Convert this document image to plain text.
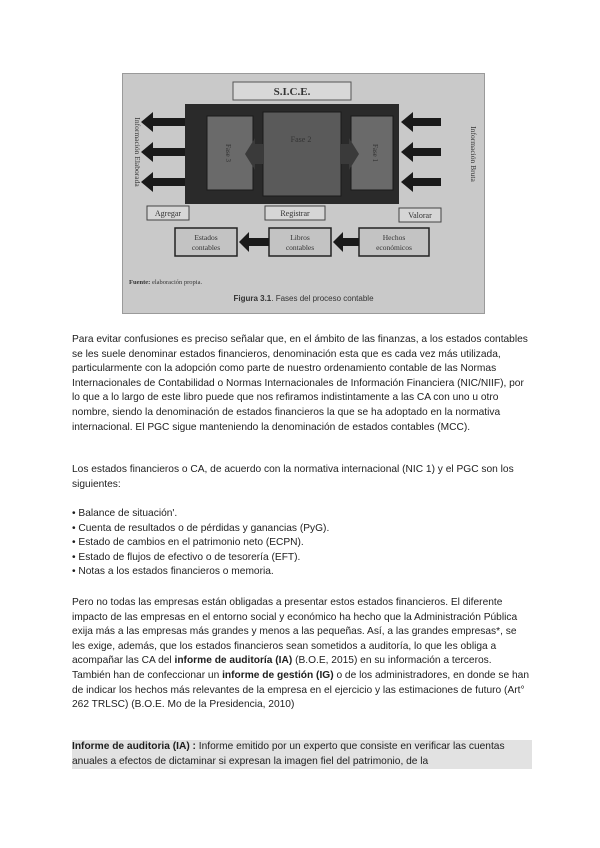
S.I.C.E.
Fase 2
Fase 3	Fase 1
Información Elaborada	Información Bruta
Agregar	Registrar	Valorar
Estados
contables
Libros
contables
Hechos
económicos
Fuente: elaboración propia.
Figura 3.1. Fases del proceso contable
Para evitar confusiones es preciso señalar que, en el ámbito de las finanzas, a los estados contables se les suele denominar estados financieros, denominación esta que es cada vez más utilizada, particularmente con la adopción como parte de nuestro ordenamiento contable de las Normas Internacionales de Contabilidad o Normas Internacionales de Información Financiera (NIC/NIIF), por lo que a lo largo de este libro puede que nos refiramos indistintamente a las CA con uno u otro nombre, siendo la denominación de estados financieros la que se ha adoptado en la normativa internacional. El PGC sigue manteniendo la denominación de estados contables (MCC).
Los estados financieros o CA, de acuerdo con la normativa internacional (NIC 1) y el PGC son los siguientes:
• Balance de situación'.
• Cuenta de resultados o de pérdidas y ganancias (PyG).
• Estado de cambios en el patrimonio neto (ECPN).
• Estado de flujos de efectivo o de tesorería (EFT).
• Notas a los estados financieros o memoria.
Pero no todas las empresas están obligadas a presentar estos estados financieros. El diferente impacto de las empresas en el entorno social y económico ha hecho que la Administración Pública exija más a las empresas más grandes y menos a las pequeñas. Así, a las grandes empresas*, se les exige, además, que los estados financieros sean sometidos a auditoría, lo que les obliga a acompañar las CA del informe de auditoría (IA) (B.O.E, 2015) en su información a terceros. También han de confeccionar un informe de gestión (IG) o de los administradores, en donde se han de indicar los hechos más relevantes de la empresa en el ejercicio y las estimaciones de futuro (Art° 262 TRLSC) (B.O.E. Mo de la Presidencia, 2010)
Informe de auditoria (IA) : Informe emitido por un experto que consiste en verificar las cuentas anuales a efectos de dictaminar si expresan la imagen fiel del patrimonio, de la
